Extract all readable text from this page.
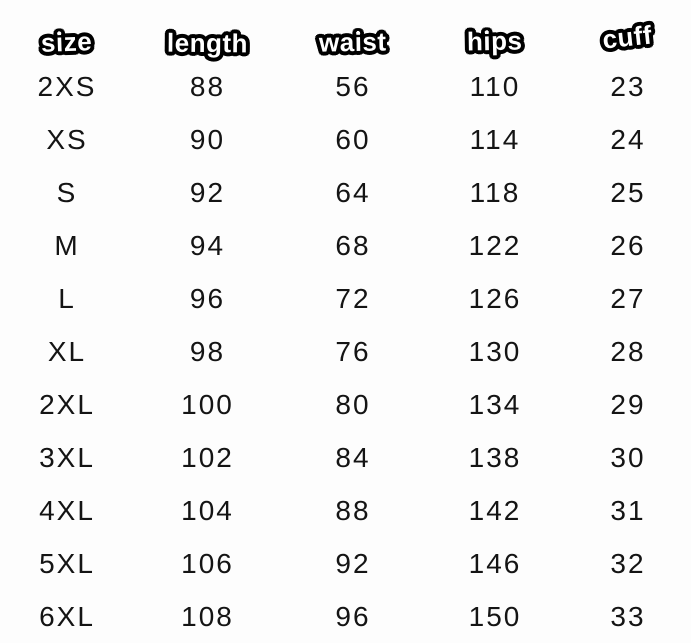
size	length	waist	hips	cuff
2XS	88	56	110	23
XS	90	60	114	24
S	92	64	118	25
M	94	68	122	26
L	96	72	126	27
XL	98	76	130	28
2XL	100	80	134	29
3XL	102	84	138	30
4XL	104	88	142	31
5XL	106	92	146	32
6XL	108	96	150	33
